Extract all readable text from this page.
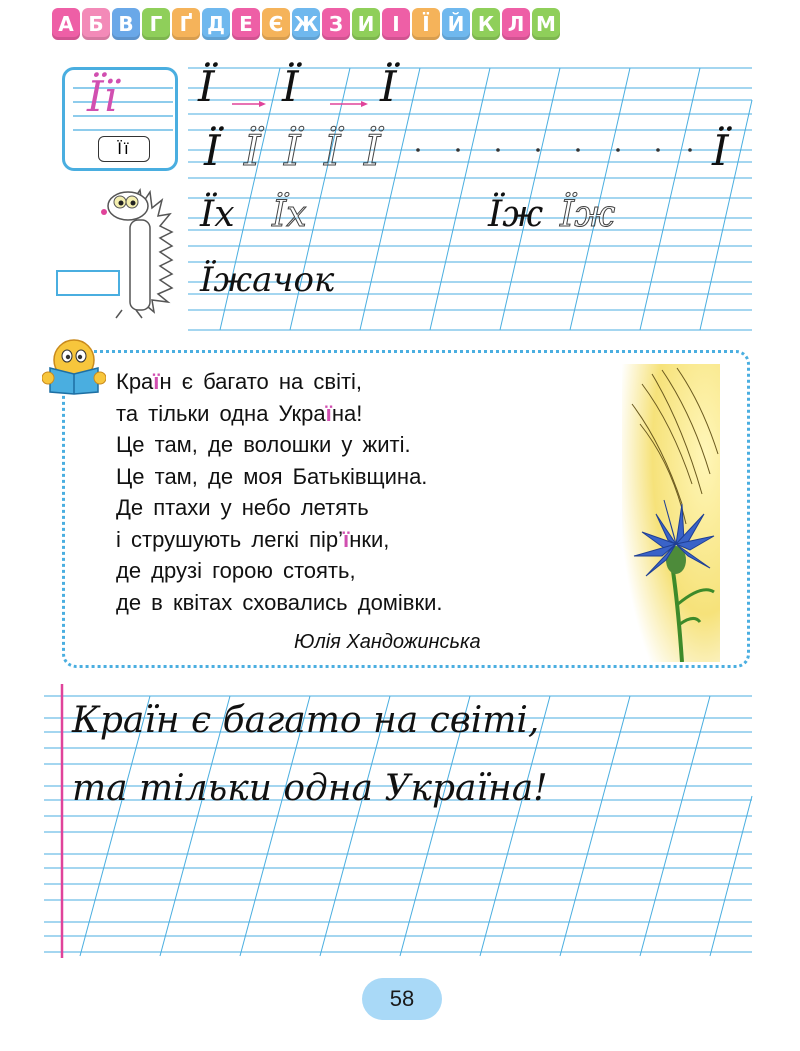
А Б В Г Ґ Д Е Є Ж З И І	Ї Й К Л М
Її
Її
Ї Ї Ї
Ї Ї Ї Ї Ї	Ї
Їх Їх	Їж Їж
Їжачок
Країн є багато на світі,
та тільки одна Україна!
Це там, де волошки у житі.
Це там, де моя Батьківщина.
Де птахи у небо летять
і струшують легкі пір’їнки,
де друзі горою стоять,
де в квітах сховались домівки.
Юлія Хандожинська
Країн є багато на світі,
та тільки одна Україна!
58
